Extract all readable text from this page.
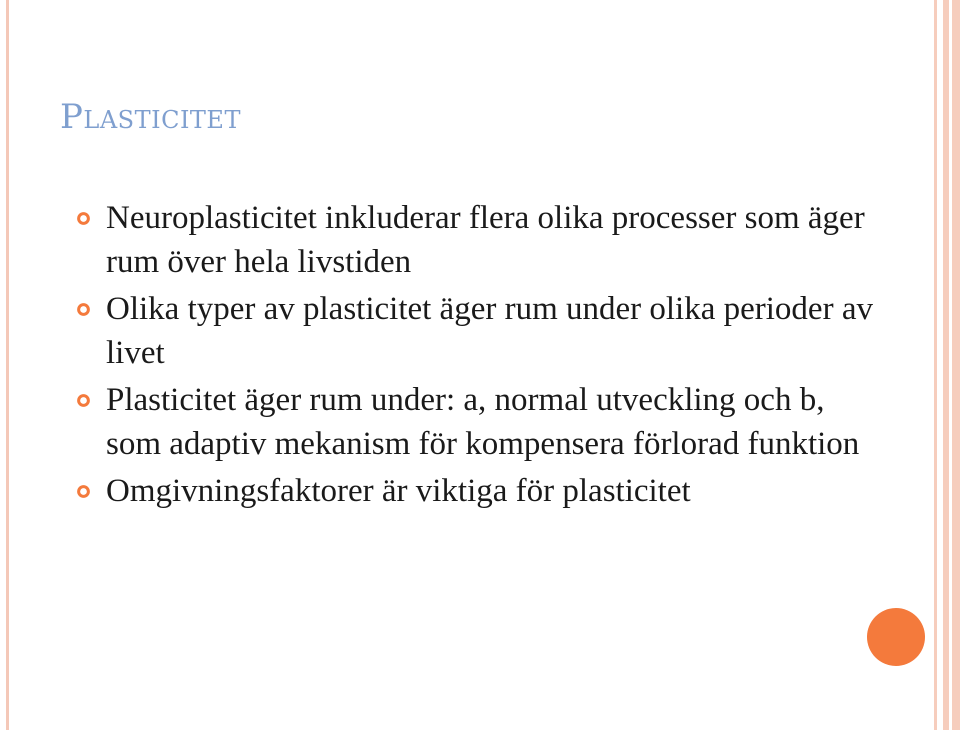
Plasticitet
Neuroplasticitet inkluderar flera olika processer som äger rum över hela livstiden
Olika typer av plasticitet äger rum under olika perioder av livet
Plasticitet äger rum under: a, normal utveckling och b, som adaptiv mekanism för kompensera förlorad funktion
Omgivningsfaktorer är viktiga för plasticitet
